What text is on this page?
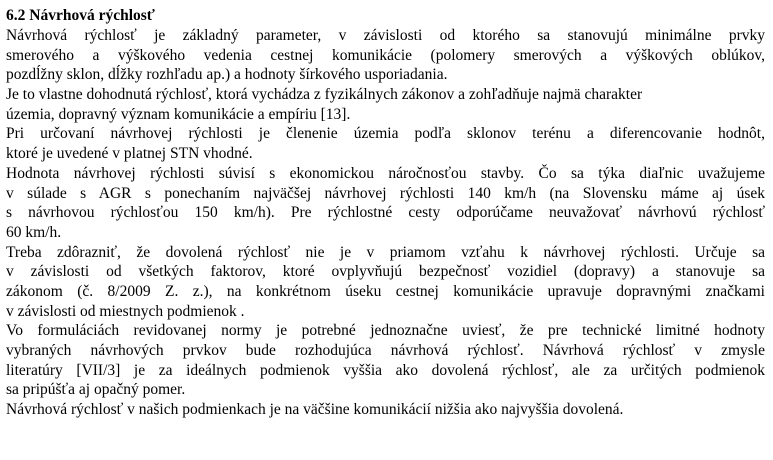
6.2 Návrhová rýchlosť
Návrhová rýchlosť je základný parameter, v závislosti od ktorého sa stanovujú minimálne prvky
smerového a výškového vedenia cestnej komunikácie (polomery smerových a výškových oblúkov,
pozdĺžny sklon, dĺžky rozhľadu ap.) a hodnoty šírkového usporiadania.
Je to vlastne dohodnutá rýchlosť, ktorá vychádza z fyzikálnych zákonov a zohľadňuje najmä charakter
územia, dopravný význam komunikácie a empíriu [13].
Pri určovaní návrhovej rýchlosti je členenie územia podľa sklonov terénu a diferencovanie hodnôt,
ktoré je uvedené v platnej STN vhodné.
Hodnota návrhovej rýchlosti súvisí s ekonomickou náročnosťou stavby. Čo sa týka diaľnic uvažujeme
v súlade s AGR s ponechaním najväčšej návrhovej rýchlosti 140 km/h (na Slovensku máme aj úsek
s návrhovou rýchlosťou 150 km/h). Pre rýchlostné cesty odporúčame neuvažovať návrhovú rýchlosť
60 km/h.
Treba zdôrazniť, že dovolená rýchlosť nie je v priamom vzťahu k návrhovej rýchlosti. Určuje sa
v závislosti od všetkých faktorov, ktoré ovplyvňujú bezpečnosť vozidiel (dopravy) a stanovuje sa
zákonom (č. 8/2009 Z. z.), na konkrétnom úseku cestnej komunikácie upravuje dopravnými značkami
v závislosti od miestnych podmienok .
Vo formuláciách revidovanej normy je potrebné jednoznačne uviesť, že pre technické limitné hodnoty
vybraných návrhových prvkov bude rozhodujúca návrhová rýchlosť. Návrhová rýchlosť v zmysle
literatúry [VII/3] je za ideálnych podmienok vyššia ako dovolená rýchlosť, ale za určitých podmienok
sa pripúšťa aj opačný pomer.
Návrhová rýchlosť v našich podmienkach je na väčšine komunikácií nižšia ako najvyššia dovolená.
